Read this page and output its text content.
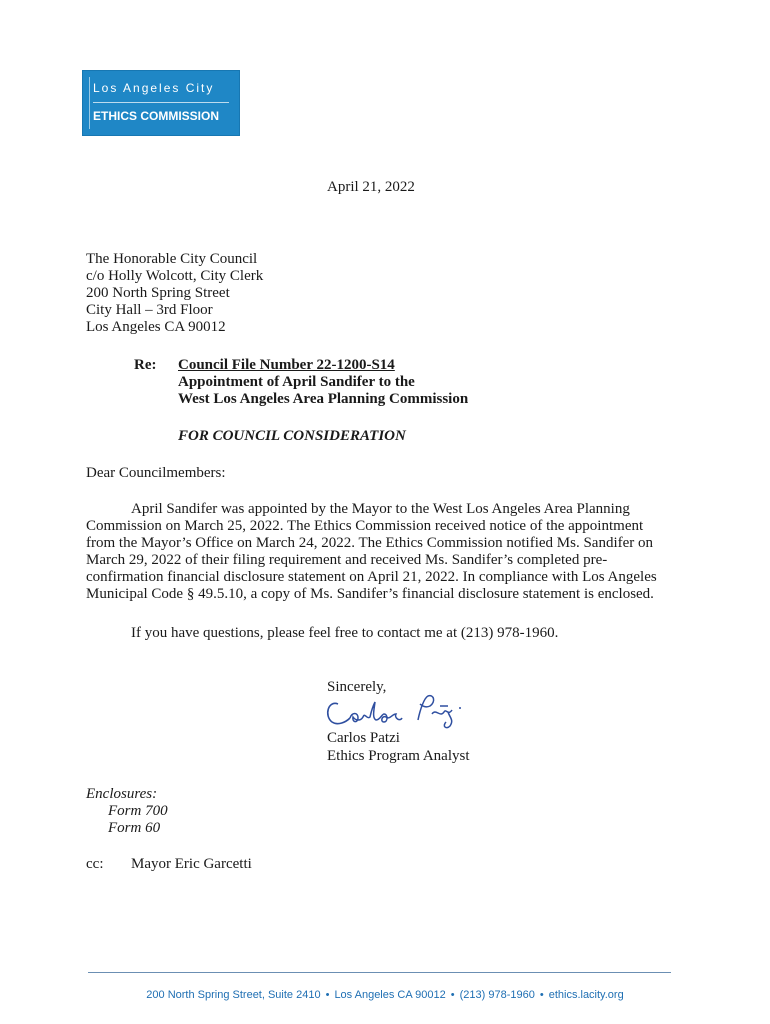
Los Angeles City
ETHICS COMMISSION
April 21, 2022
The Honorable City Council
c/o Holly Wolcott, City Clerk
200 North Spring Street
City Hall – 3rd Floor
Los Angeles CA 90012
Re: Council File Number 22-1200-S14
Appointment of April Sandifer to the
West Los Angeles Area Planning Commission
FOR COUNCIL CONSIDERATION
Dear Councilmembers:
April Sandifer was appointed by the Mayor to the West Los Angeles Area Planning Commission on March 25, 2022. The Ethics Commission received notice of the appointment from the Mayor’s Office on March 24, 2022. The Ethics Commission notified Ms. Sandifer on March 29, 2022 of their filing requirement and received Ms. Sandifer’s completed pre-confirmation financial disclosure statement on April 21, 2022. In compliance with Los Angeles Municipal Code § 49.5.10, a copy of Ms. Sandifer’s financial disclosure statement is enclosed.
If you have questions, please feel free to contact me at (213) 978-1960.
Sincerely,
Carlos Patzi
Ethics Program Analyst
Enclosures:
Form 700
Form 60
cc: Mayor Eric Garcetti
200 North Spring Street, Suite 2410 • Los Angeles CA 90012 • (213) 978-1960 • ethics.lacity.org
